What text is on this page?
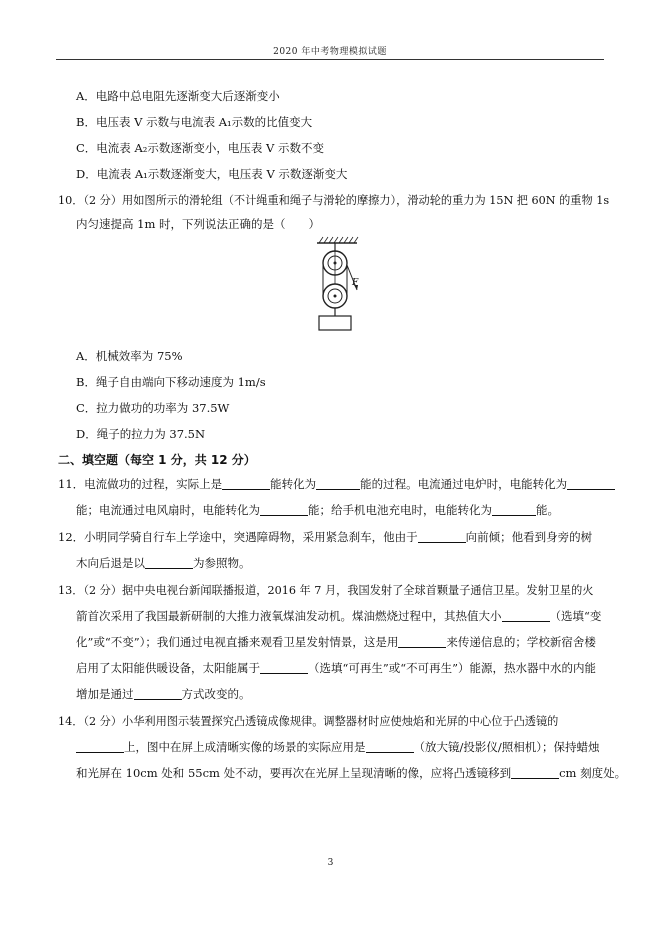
2020 年中考物理模拟试题
A．电路中总电阻先逐渐变大后逐渐变小
B．电压表 V 示数与电流表 A₁示数的比值变大
C．电流表 A₂示数逐渐变小，电压表 V 示数不变
D．电流表 A₁示数逐渐变大，电压表 V 示数逐渐变大
10．（2 分）用如图所示的滑轮组（不计绳重和绳子与滑轮的摩擦力），滑动轮的重力为 15N 把 60N 的重物 1s
内匀速提高 1m 时，下列说法正确的是（　　）
F
A．机械效率为 75%
B．绳子自由端向下移动速度为 1m/s
C．拉力做功的功率为 37.5W
D．绳子的拉力为 37.5N
二、填空题（每空 1 分，共 12 分）
11．电流做功的过程，实际上是	能转化为	能的过程。电流通过电炉时，电能转化为
能；电流通过电风扇时，电能转化为	能；给手机电池充电时，电能转化为	能。
12．小明同学骑自行车上学途中，突遇障碍物，采用紧急刹车，他由于	向前倾；他看到身旁的树
木向后退是以	为参照物。
13．（2 分）据中央电视台新闻联播报道，2016 年 7 月，我国发射了全球首颗量子通信卫星。发射卫星的火
箭首次采用了我国最新研制的大推力液氧煤油发动机。煤油燃烧过程中，其热值大小	（选填“变
化”或“不变”）；我们通过电视直播来观看卫星发射情景，这是用	来传递信息的；学校新宿舍楼
启用了太阳能供暖设备，太阳能属于	（选填“可再生”或“不可再生”）能源，热水器中水的内能
增加是通过	方式改变的。
14．（2 分）小华利用图示装置探究凸透镜成像规律。调整器材时应使烛焰和光屏的中心位于凸透镜的
上，图中在屏上成清晰实像的场景的实际应用是	（放大镜/投影仪/照相机）；保持蜡烛
和光屏在 10cm 处和 55cm 处不动，要再次在光屏上呈现清晰的像，应将凸透镜移到	cm 刻度处。
3
